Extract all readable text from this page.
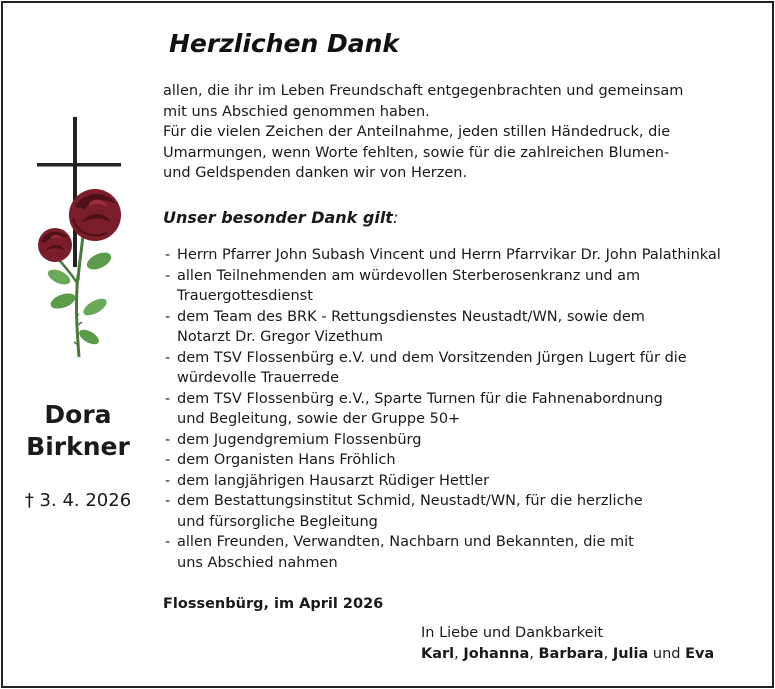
Dora
Birkner
† 3. 4. 2026
Herzlichen Dank

allen, die ihr im Leben Freundschaft entgegenbrachten und gemeinsam

mit uns Abschied genommen haben.

Für die vielen Zeichen der Anteilnahme, jeden stillen Händedruck, die

Umarmungen, wenn Worte fehlten, sowie für die zahlreichen Blumen-

und Geldspenden danken wir von Herzen.

Unser besonder Dank gilt:
- Herrn Pfarrer John Subash Vincent und Herrn Pfarrvikar Dr. John Palathinkal
- allen Teilnehmenden am würdevollen Sterberosenkranz und am
Trauergottesdienst
- dem Team des BRK - Rettungsdienstes Neustadt/WN, sowie dem
Notarzt Dr. Gregor Vizethum
- dem TSV Flossenbürg e.V. und dem Vorsitzenden Jürgen Lugert für die
würdevolle Trauerrede
- dem TSV Flossenbürg e.V., Sparte Turnen für die Fahnenabordnung
und Begleitung, sowie der Gruppe 50+
- dem Jugendgremium Flossenbürg
- dem Organisten Hans Fröhlich
- dem langjährigen Hausarzt Rüdiger Hettler
- dem Bestattungsinstitut Schmid, Neustadt/WN, für die herzliche
und fürsorgliche Begleitung
- allen Freunden, Verwandten, Nachbarn und Bekannten, die mit
uns Abschied nahmen
Flossenbürg, im April 2026
In Liebe und Dankbarkeit
Karl, Johanna, Barbara, Julia und Eva
